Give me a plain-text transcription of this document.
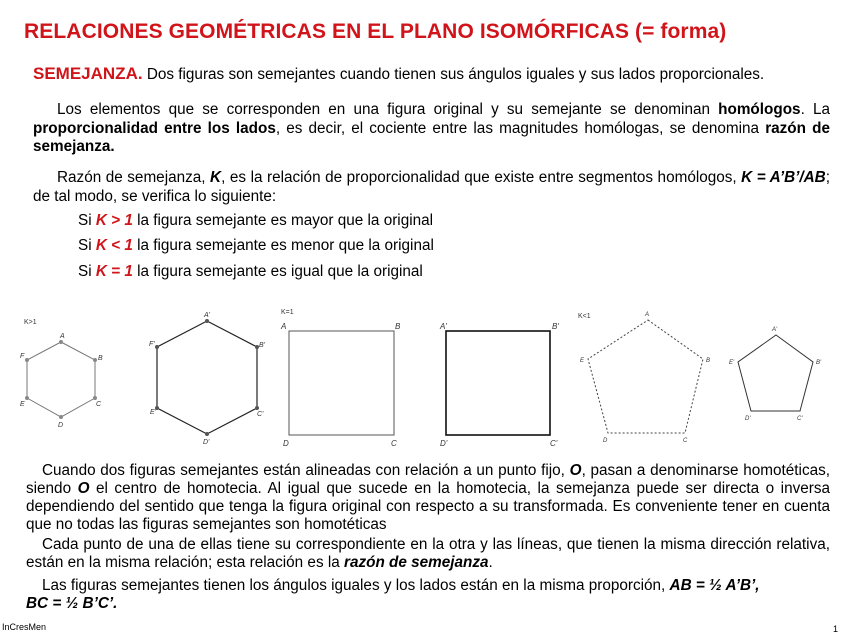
RELACIONES GEOMÉTRICAS EN EL PLANO ISOMÓRFICAS (= forma)
SEMEJANZA. Dos figuras son semejantes cuando tienen sus ángulos iguales y sus lados proporcionales.
Los elementos que se corresponden en una figura original y su semejante se denominan homólogos. La proporcionalidad entre los lados, es decir, el cociente entre las magnitudes homólogas, se denomina razón de semejanza.
Razón de semejanza, K, es la relación de proporcionalidad que existe entre segmentos homólogos, K = A’B’/AB; de tal modo, se verifica lo siguiente:
Si K > 1 la figura semejante es mayor que la original
Si K < 1 la figura semejante es menor que la original
Si K = 1 la figura semejante es igual que la original
K>1
A
B
C
D
E
F
A'
B'
C'
D'
E'
F'
K=1
A	B
C
D
A'	B'
C'
D'
K<1	A
B
C
D
E
A'
B'
C'
D'
E'
Cuando dos figuras semejantes están alineadas con relación a un punto fijo, O, pasan a denominarse homotéticas, siendo O el centro de homotecia. Al igual que sucede en la homotecia, la semejanza puede ser directa o inversa dependiendo del sentido que tenga la figura original con respecto a su transformada. Es conveniente tener en cuenta que no todas las figuras semejantes son homotéticas
Cada punto de una de ellas tiene su correspondiente en la otra y las líneas, que tienen la misma dirección relativa, están en la misma relación; esta relación es la razón de semejanza.
Las figuras semejantes tienen los ángulos iguales y los lados están en la misma proporción, AB = ½ A’B’,
BC = ½ B’C’.
InCresMen	1
